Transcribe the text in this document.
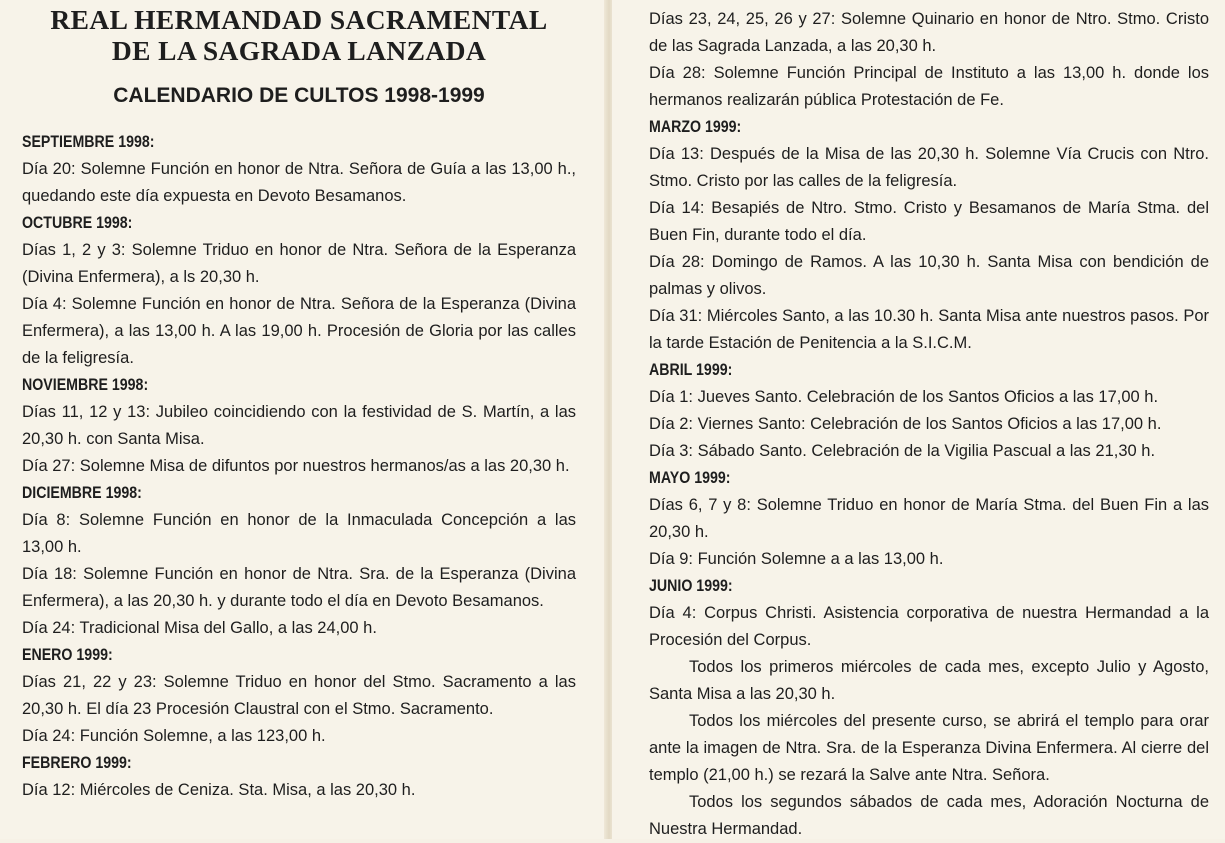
REAL HERMANDAD SACRAMENTAL
DE LA SAGRADA LANZADA
CALENDARIO DE CULTOS 1998-1999

SEPTIEMBRE 1998:

Día 20: Solemne Función en honor de Ntra. Señora de Guía a las 13,00 h., quedando este día expuesta en Devoto Besamanos.

OCTUBRE 1998:

Días 1, 2 y 3: Solemne Triduo en honor de Ntra. Señora de la Esperanza (Divina Enfermera), a ls 20,30 h.

Día 4: Solemne Función en honor de Ntra. Señora de la Esperanza (Divina Enfermera), a las 13,00 h. A las 19,00 h. Procesión de Gloria por las calles de la feligresía.

NOVIEMBRE 1998:

Días 11, 12 y 13: Jubileo coincidiendo con la festividad de S. Martín, a las 20,30 h. con Santa Misa.

Día 27: Solemne Misa de difuntos por nuestros hermanos/as a las 20,30 h.

DICIEMBRE 1998:

Día 8: Solemne Función en honor de la Inmaculada Concepción a las 13,00 h.

Día 18: Solemne Función en honor de Ntra. Sra. de la Esperanza (Divina Enfermera), a las 20,30 h. y durante todo el día en Devoto Besamanos.

Día 24: Tradicional Misa del Gallo, a las 24,00 h.

ENERO 1999:

Días 21, 22 y 23: Solemne Triduo en honor del Stmo. Sacramento a las 20,30 h. El día 23 Procesión Claustral con el Stmo. Sacramento.

Día 24: Función Solemne, a las 123,00 h.

FEBRERO 1999:

Día 12: Miércoles de Ceniza. Sta. Misa, a las 20,30 h.

Días 23, 24, 25, 26 y 27: Solemne Quinario en honor de Ntro. Stmo. Cristo de las Sagrada Lanzada, a las 20,30 h.

Día 28: Solemne Función Principal de Instituto a las 13,00 h. donde los hermanos realizarán pública Protestación de Fe.

MARZO 1999:

Día 13: Después de la Misa de las 20,30 h. Solemne Vía Crucis con Ntro. Stmo. Cristo por las calles de la feligresía.

Día 14: Besapiés de Ntro. Stmo. Cristo y Besamanos de María Stma. del Buen Fin, durante todo el día.

Día 28: Domingo de Ramos. A las 10,30 h. Santa Misa con bendición de palmas y olivos.

Día 31: Miércoles Santo, a las 10.30 h. Santa Misa ante nuestros pasos. Por la tarde Estación de Penitencia a la S.I.C.M.

ABRIL 1999:

Día 1: Jueves Santo. Celebración de los Santos Oficios a las 17,00 h.

Día 2: Viernes Santo: Celebración de los Santos Oficios a las 17,00 h.

Día 3: Sábado Santo. Celebración de la Vigilia Pascual a las 21,30 h.

MAYO 1999:

Días 6, 7 y 8: Solemne Triduo en honor de María Stma. del Buen Fin a las 20,30 h.

Día 9: Función Solemne a a las 13,00 h.

JUNIO 1999:

Día 4: Corpus Christi. Asistencia corporativa de nuestra Hermandad a la Procesión del Corpus.

Todos los primeros miércoles de cada mes, excepto Julio y Agosto, Santa Misa a las 20,30 h.

Todos los miércoles del presente curso, se abrirá el templo para orar ante la imagen de Ntra. Sra. de la Esperanza Divina Enfermera. Al cierre del templo (21,00 h.) se rezará la Salve ante Ntra. Señora.

Todos los segundos sábados de cada mes, Adoración Nocturna de Nuestra Hermandad.
